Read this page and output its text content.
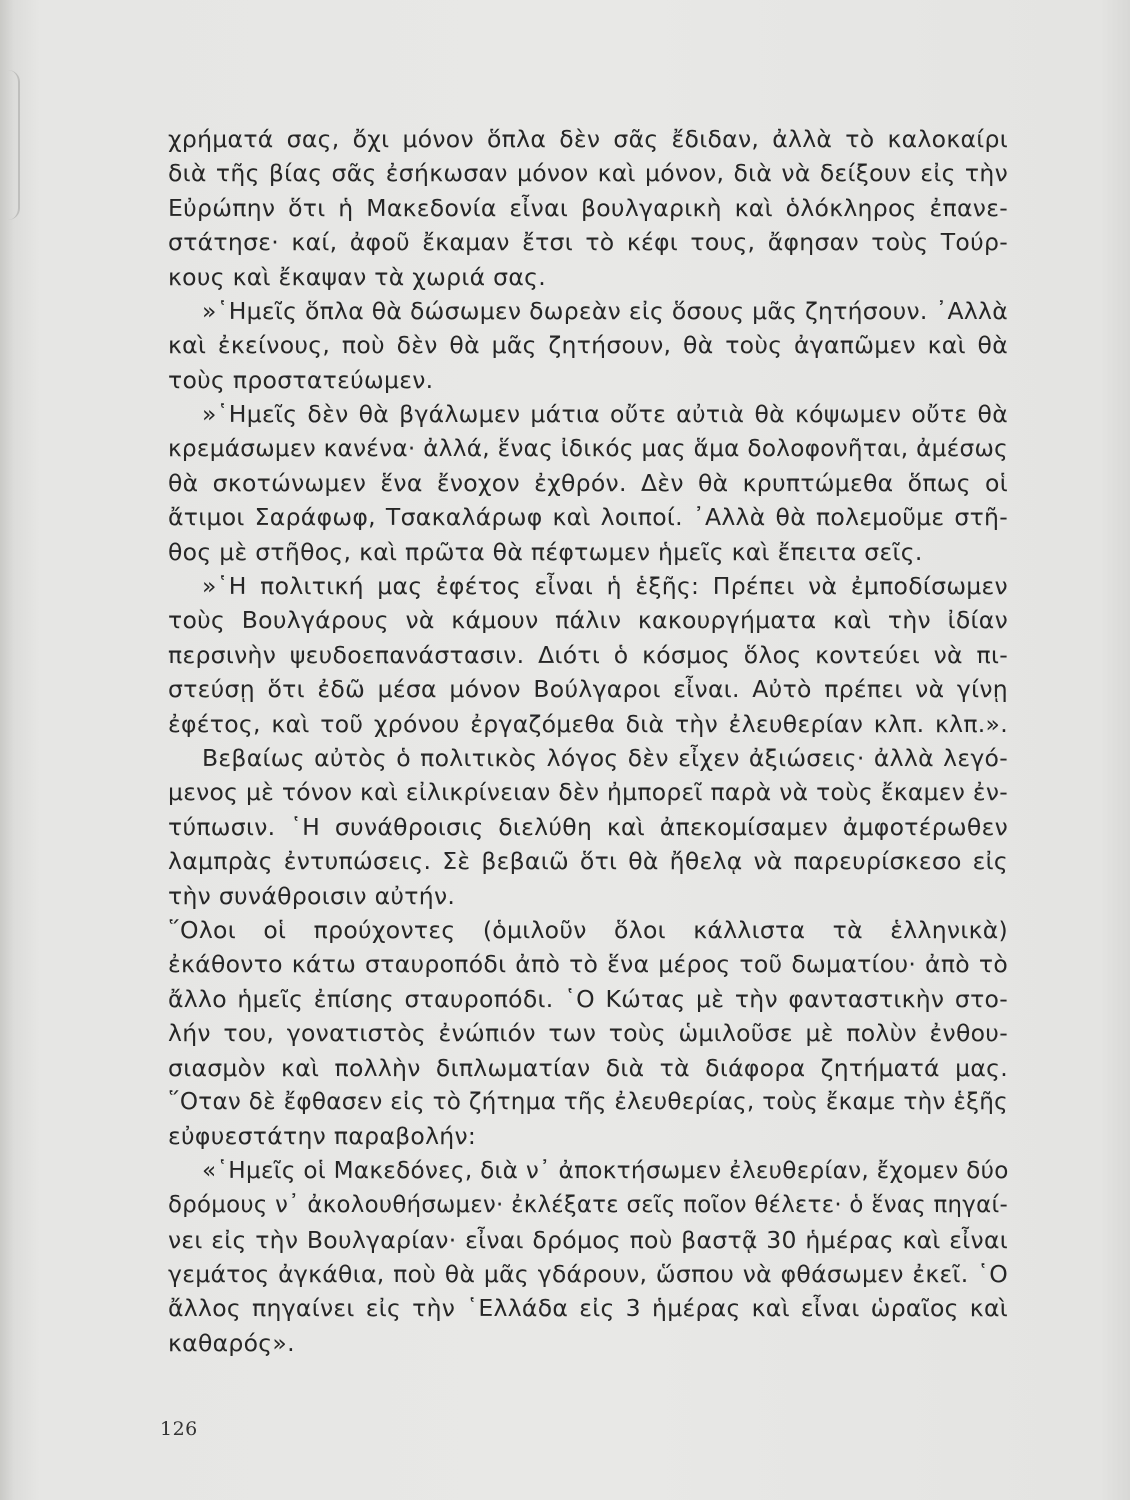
χρήματά σας, ὄχι μόνον ὅπλα δὲν σᾶς ἔδιδαν, ἀλλὰ τὸ καλοκαίρι
διὰ τῆς βίας σᾶς ἐσήκωσαν μόνον καὶ μόνον, διὰ νὰ δείξουν εἰς τὴν
Εὐρώπην ὅτι ἡ Μακεδονία εἶναι βουλγαρικὴ καὶ ὁλόκληρος ἐπανε-
στάτησε· καί, ἀφοῦ ἔκαμαν ἔτσι τὸ κέφι τους, ἄφησαν τοὺς Τούρ-
κους καὶ ἔκαψαν τὰ χωριά σας.
»῾Ημεῖς ὅπλα θὰ δώσωμεν δωρεὰν εἰς ὅσους μᾶς ζητήσουν. ᾿Αλλὰ
καὶ ἐκείνους, ποὺ δὲν θὰ μᾶς ζητήσουν, θὰ τοὺς ἀγαπῶμεν καὶ θὰ
τοὺς προστατεύωμεν.
»῾Ημεῖς δὲν θὰ βγάλωμεν μάτια οὔτε αὐτιὰ θὰ κόψωμεν οὔτε θὰ
κρεμάσωμεν κανένα· ἀλλά, ἕνας ἰδικός μας ἅμα δολοφονῆται, ἀμέσως
θὰ σκοτώνωμεν ἕνα ἔνοχον ἐχθρόν. Δὲν θὰ κρυπτώμεθα ὅπως οἱ
ἄτιμοι Σαράφωφ, Τσακαλάρωφ καὶ λοιποί. ᾿Αλλὰ θὰ πολεμοῦμε στῆ-
θος μὲ στῆθος, καὶ πρῶτα θὰ πέφτωμεν ἡμεῖς καὶ ἔπειτα σεῖς.
»῾Η πολιτική μας ἐφέτος εἶναι ἡ ἑξῆς: Πρέπει νὰ ἐμποδίσωμεν
τοὺς Βουλγάρους νὰ κάμουν πάλιν κακουργήματα καὶ τὴν ἰδίαν
περσινὴν ψευδοεπανάστασιν. Διότι ὁ κόσμος ὅλος κοντεύει νὰ πι-
στεύσῃ ὅτι ἐδῶ μέσα μόνον Βούλγαροι εἶναι. Αὐτὸ πρέπει νὰ γίνῃ
ἐφέτος, καὶ τοῦ χρόνου ἐργαζόμεθα διὰ τὴν ἐλευθερίαν κλπ. κλπ.».
Βεβαίως αὐτὸς ὁ πολιτικὸς λόγος δὲν εἶχεν ἀξιώσεις· ἀλλὰ λεγό-
μενος μὲ τόνον καὶ εἰλικρίνειαν δὲν ἠμπορεῖ παρὰ νὰ τοὺς ἔκαμεν ἐν-
τύπωσιν. ῾Η συνάθροισις διελύθη καὶ ἀπεκομίσαμεν ἀμφοτέρωθεν
λαμπρὰς ἐντυπώσεις. Σὲ βεβαιῶ ὅτι θὰ ἤθελᾳ νὰ παρευρίσκεσο εἰς
τὴν συνάθροισιν αὐτήν.
῞Ολοι οἱ προύχοντες (ὁμιλοῦν ὅλοι κάλλιστα τὰ ἑλληνικὰ)
ἐκάθοντο κάτω σταυροπόδι ἀπὸ τὸ ἕνα μέρος τοῦ δωματίου· ἀπὸ τὸ
ἄλλο ἡμεῖς ἐπίσης σταυροπόδι. ῾Ο Κώτας μὲ τὴν φανταστικὴν στο-
λήν του, γονατιστὸς ἐνώπιόν των τοὺς ὡμιλοῦσε μὲ πολὺν ἐνθου-
σιασμὸν καὶ πολλὴν διπλωματίαν διὰ τὰ διάφορα ζητήματά μας.
῞Οταν δὲ ἔφθασεν εἰς τὸ ζήτημα τῆς ἐλευθερίας, τοὺς ἔκαμε τὴν ἑξῆς
εὐφυεστάτην παραβολήν:
«῾Ημεῖς οἱ Μακεδόνες, διὰ ν᾿ ἀποκτήσωμεν ἐλευθερίαν, ἔχομεν δύο
δρόμους ν᾿ ἀκολουθήσωμεν· ἐκλέξατε σεῖς ποῖον θέλετε· ὁ ἕνας πηγαί-
νει εἰς τὴν Βουλγαρίαν· εἶναι δρόμος ποὺ βαστᾷ 30 ἡμέρας καὶ εἶναι
γεμάτος ἀγκάθια, ποὺ θὰ μᾶς γδάρουν, ὥσπου νὰ φθάσωμεν ἐκεῖ. ῾Ο
ἄλλος πηγαίνει εἰς τὴν ῾Ελλάδα εἰς 3 ἡμέρας καὶ εἶναι ὡραῖος καὶ
καθαρός».
126
